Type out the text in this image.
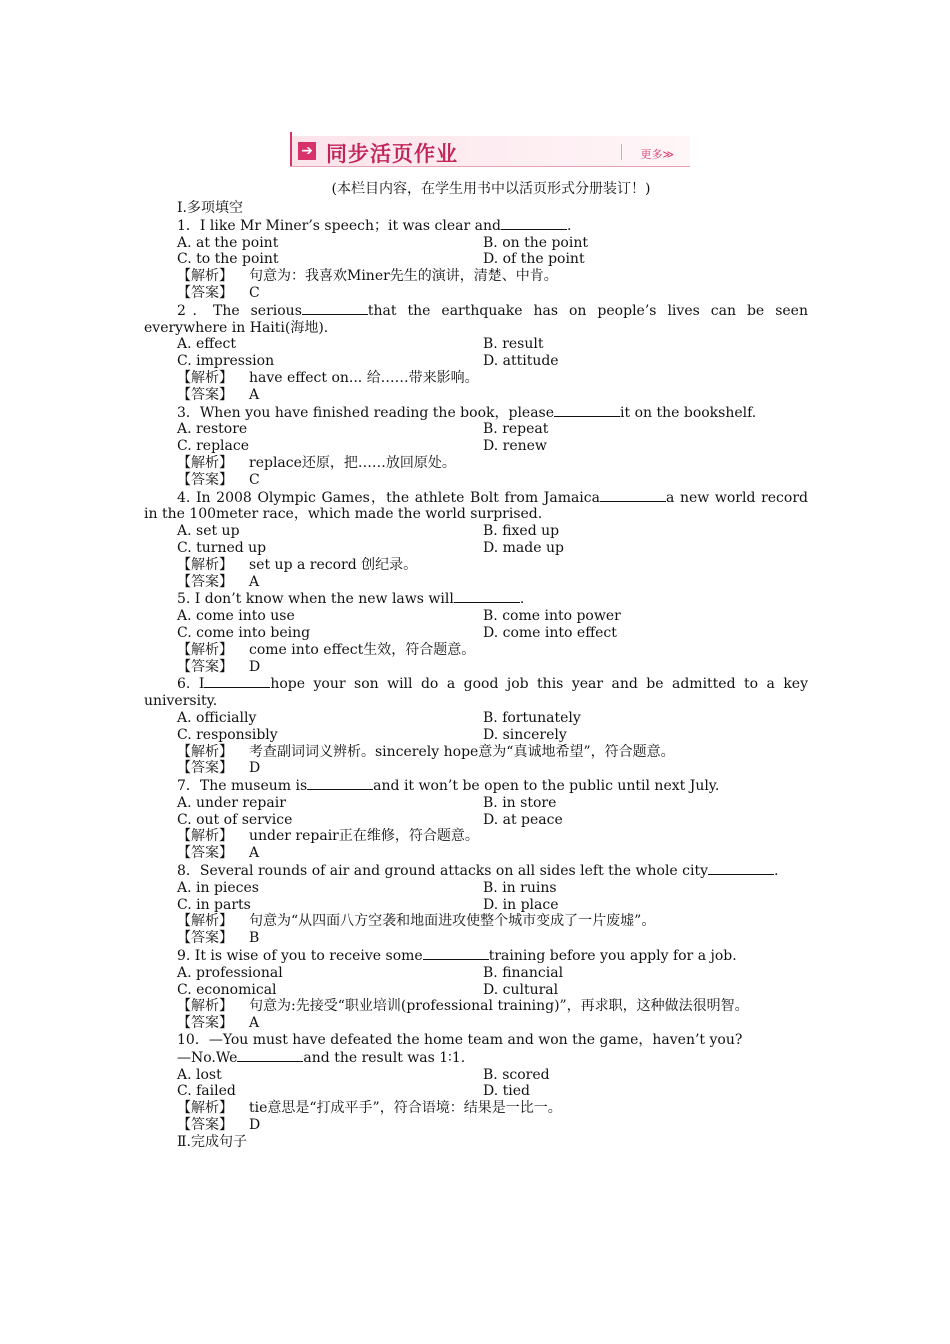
➔ 同步活页作业	更多≫
(本栏目内容，在学生用书中以活页形式分册装订！)
Ⅰ.多项填空
1．I like Mr Miner’s speech；it was clear and	.
A. at the point	B. on the point
C. to the point	D. of the point
【解析】 句意为：我喜欢Miner先生的演讲，清楚、中肯。
【答案】 C
2．The serious	that the earthquake has on people’s lives can be seen everywhere in Haiti(海地).
A. effect	B. result
C. impression	D. attitude
【解析】 have effect on... 给……带来影响。
【答案】 A
3．When you have finished reading the book，please	it on the bookshelf.
A. restore	B. repeat
C. replace	D. renew
【解析】 replace还原，把……放回原处。
【答案】 C
4. In 2008 Olympic Games，the athlete Bolt from Jamaica	a new world record in the 100meter race，which made the world surprised.
A. set up	B. fixed up
C. turned up	D. made up
【解析】 set up a record 创纪录。
【答案】 A
5. I don’t know when the new laws will	.
A. come into use	B. come into power
C. come into being	D. come into effect
【解析】 come into effect生效，符合题意。
【答案】 D
6. I	hope your son will do a good job this year and be admitted to a key university.
A. officially	B. fortunately
C. responsibly	D. sincerely
【解析】 考查副词词义辨析。sincerely hope意为“真诚地希望”，符合题意。
【答案】 D
7．The museum is	and it won’t be open to the public until next July.
A. under repair	B. in store
C. out of service	D. at peace
【解析】 under repair正在维修，符合题意。
【答案】 A
8．Several rounds of air and ground attacks on all sides left the whole city	.
A. in pieces	B. in ruins
C. in parts	D. in place
【解析】 句意为“从四面八方空袭和地面进攻使整个城市变成了一片废墟”。
【答案】 B
9. It is wise of you to receive some	training before you apply for a job.
A. professional	B. financial
C. economical	D. cultural
【解析】 句意为:先接受“职业培训(professional training)”，再求职，这种做法很明智。
【答案】 A
10．—You must have defeated the home team and won the game，haven’t you?
—No.We	and the result was 1∶1.
A. lost	B. scored
C. failed	D. tied
【解析】 tie意思是“打成平手”，符合语境：结果是一比一。
【答案】 D
Ⅱ.完成句子
